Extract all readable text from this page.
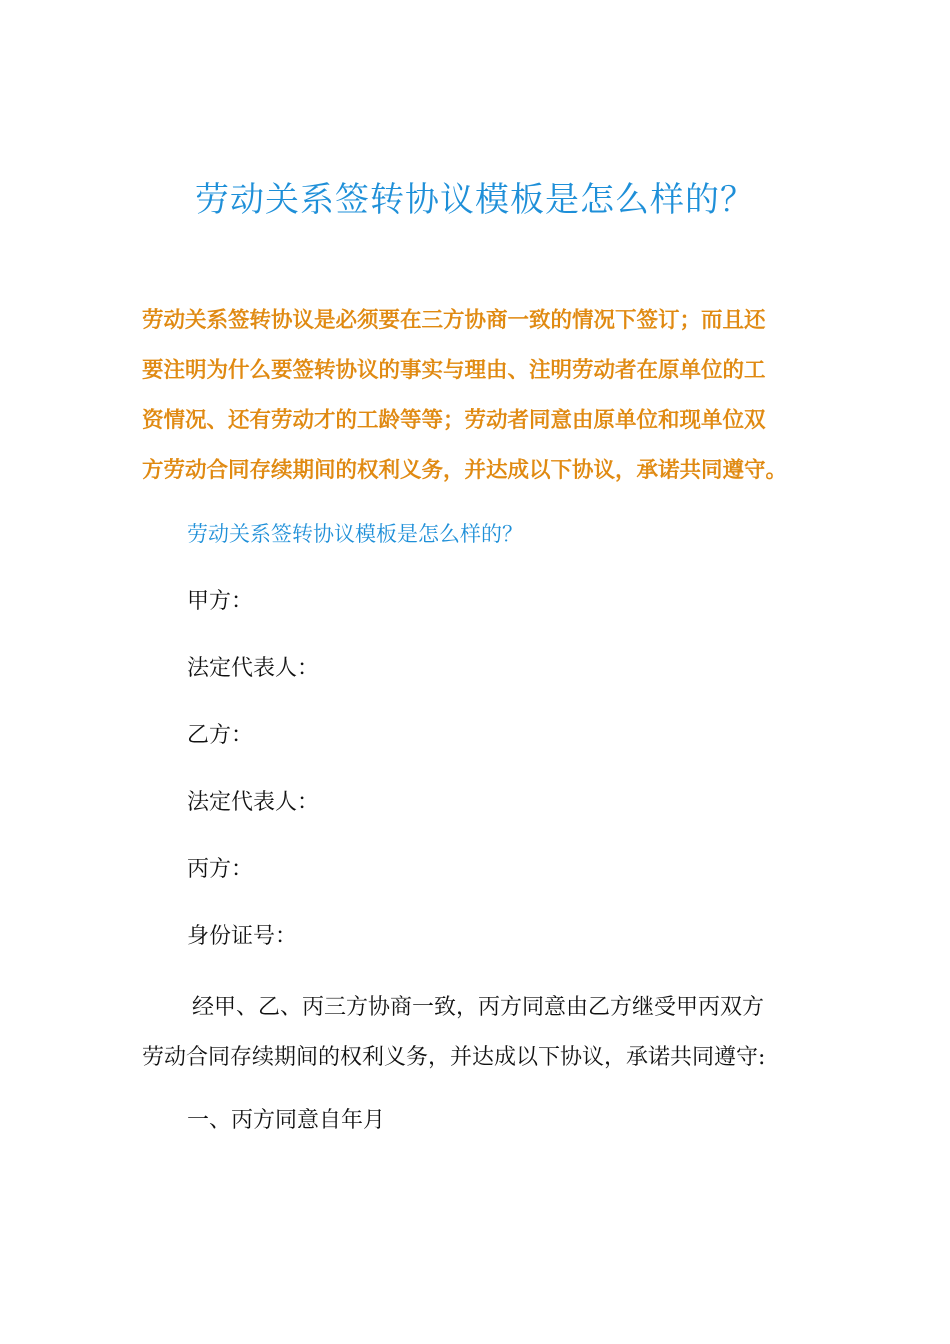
劳动关系签转协议模板是怎么样的？
劳动关系签转协议是必须要在三方协商一致的情况下签订；而且还
要注明为什么要签转协议的事实与理由、注明劳动者在原单位的工
资情况、还有劳动才的工龄等等；劳动者同意由原单位和现单位双
方劳动合同存续期间的权利义务，并达成以下协议，承诺共同遵守。
劳动关系签转协议模板是怎么样的？
甲方：
法定代表人：
乙方：
法定代表人：
丙方：
身份证号：
经甲、乙、丙三方协商一致，丙方同意由乙方继受甲丙双方
劳动合同存续期间的权利义务，并达成以下协议，承诺共同遵守:
一、丙方同意自年月
